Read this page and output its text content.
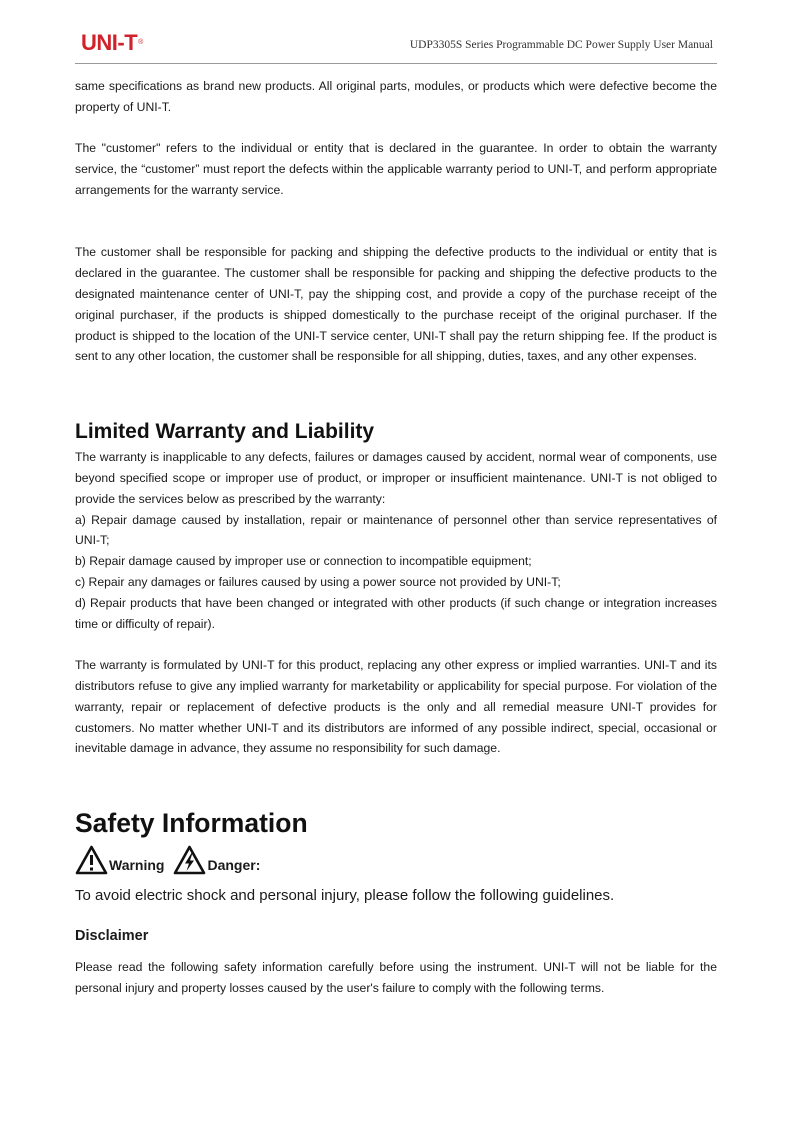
UNI-T®	UDP3305S Series Programmable DC Power Supply User Manual

same specifications as brand new products. All original parts, modules, or products which were defective become the property of UNI-T.

The "customer" refers to the individual or entity that is declared in the guarantee. In order to obtain the warranty service, the “customer” must report the defects within the applicable warranty period to UNI-T, and perform appropriate arrangements for the warranty service.

The customer shall be responsible for packing and shipping the defective products to the individual or entity that is declared in the guarantee. The customer shall be responsible for packing and shipping the defective products to the designated maintenance center of UNI-T, pay the shipping cost, and provide a copy of the purchase receipt of the original purchaser, if the products is shipped domestically to the purchase receipt of the original purchaser. If the product is shipped to the location of the UNI-T service center, UNI-T shall pay the return shipping fee. If the product is sent to any other location, the customer shall be responsible for all shipping, duties, taxes, and any other expenses.

Limited Warranty and Liability

The warranty is inapplicable to any defects, failures or damages caused by accident, normal wear of components, use beyond specified scope or improper use of product, or improper or insufficient maintenance. UNI-T is not obliged to provide the services below as prescribed by the warranty:

a) Repair damage caused by installation, repair or maintenance of personnel other than service representatives of UNI-T;

b) Repair damage caused by improper use or connection to incompatible equipment;

c) Repair any damages or failures caused by using a power source not provided by UNI-T;

d) Repair products that have been changed or integrated with other products (if such change or integration increases time or difficulty of repair).

The warranty is formulated by UNI-T for this product, replacing any other express or implied warranties. UNI-T and its distributors refuse to give any implied warranty for marketability or applicability for special purpose. For violation of the warranty, repair or replacement of defective products is the only and all remedial measure UNI-T provides for customers. No matter whether UNI-T and its distributors are informed of any possible indirect, special, occasional or inevitable damage in advance, they assume no responsibility for such damage.

Safety Information
Warning	Danger:

To avoid electric shock and personal injury, please follow the following guidelines.

Disclaimer

Please read the following safety information carefully before using the instrument. UNI-T will not be liable for the personal injury and property losses caused by the user's failure to comply with the following terms.
